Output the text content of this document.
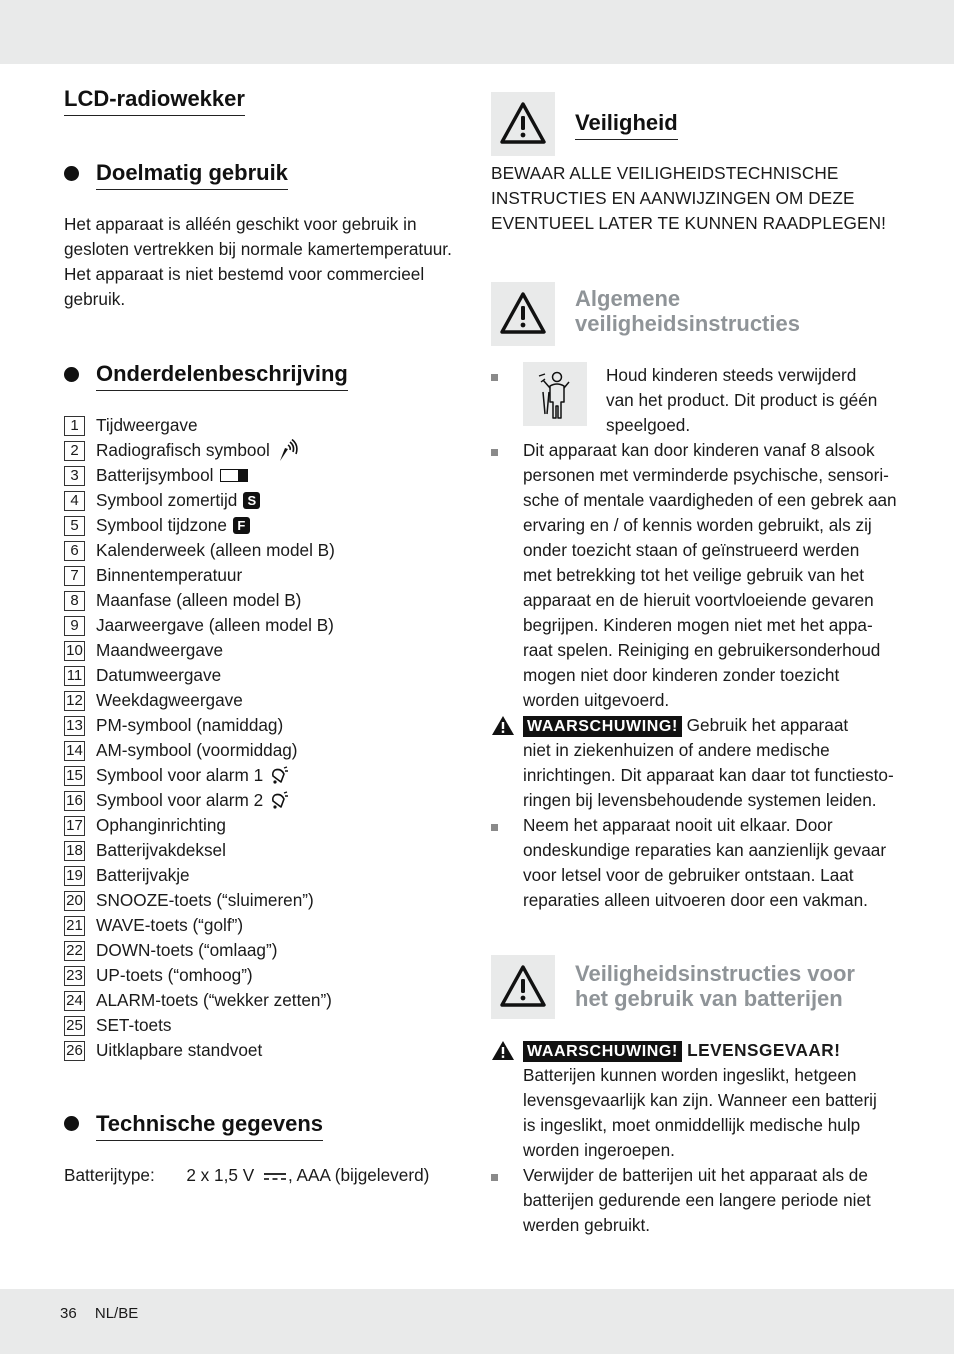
LCD-radiowekker
Doelmatig gebruik
Het apparaat is alléén geschikt voor gebruik in
gesloten vertrekken bij normale kamertemperatuur.
Het apparaat is niet bestemd voor commercieel
gebruik.
Onderdelenbeschrijving
1	Tijdweergave
2	Radiografisch symbool
3	Batterijsymbool
4	Symbool zomertijd S
5	Symbool tijdzone F
6	Kalenderweek (alleen model B)
7	Binnentemperatuur
8	Maanfase (alleen model B)
9	Jaarweergave (alleen model B)
10 Maandweergave
11 Datumweergave
12 Weekdagweergave
13 PM-symbool (namiddag)
14 AM-symbool (voormiddag)
15 Symbool voor alarm 1
16 Symbool voor alarm 2
17 Ophanginrichting
18 Batterijvakdeksel
19 Batterijvakje
20 SNOOZE-toets (“sluimeren”)
21 WAVE-toets (“golf”)
22 DOWN-toets (“omlaag”)
23 UP-toets (“omhoog”)
24 ALARM-toets (“wekker zetten”)
25 SET-toets
26 Uitklapbare standvoet
Technische gegevens
Batterijtype: 2 x 1,5 V , AAA (bijgeleverd)
Veiligheid
BEWAAR ALLE VEILIGHEIDSTECHNISCHE
INSTRUCTIES EN AANWIJZINGEN OM DEZE
EVENTUEEL LATER TE KUNNEN RAADPLEGEN!
Algemene
veiligheidsinstructies
Houd kinderen steeds verwijderd
van het product. Dit product is géén
speelgoed.
Dit apparaat kan door kinderen vanaf 8 alsook
personen met verminderde psychische, sensori-
sche of mentale vaardigheden of een gebrek aan
ervaring en / of kennis worden gebruikt, als zij
onder toezicht staan of geïnstrueerd werden
met betrekking tot het veilige gebruik van het
apparaat en de hieruit voortvloeiende gevaren
begrijpen. Kinderen mogen niet met het appa-
raat spelen. Reiniging en gebruikersonderhoud
mogen niet door kinderen zonder toezicht
worden uitgevoerd.
WAARSCHUWING! Gebruik het apparaat
niet in ziekenhuizen of andere medische
inrichtingen. Dit apparaat kan daar tot functiesto-
ringen bij levensbehoudende systemen leiden.
Neem het apparaat nooit uit elkaar. Door
ondeskundige reparaties kan aanzienlijk gevaar
voor letsel voor de gebruiker ontstaan. Laat
reparaties alleen uitvoeren door een vakman.
Veiligheidsinstructies voor
het gebruik van batterijen
WAARSCHUWING! LEVENSGEVAAR!
Batterijen kunnen worden ingeslikt, hetgeen
levensgevaarlijk kan zijn. Wanneer een batterij
is ingeslikt, moet onmiddellijk medische hulp
worden ingeroepen.
Verwijder de batterijen uit het apparaat als de
batterijen gedurende een langere periode niet
werden gebruikt.
36 NL/BE
